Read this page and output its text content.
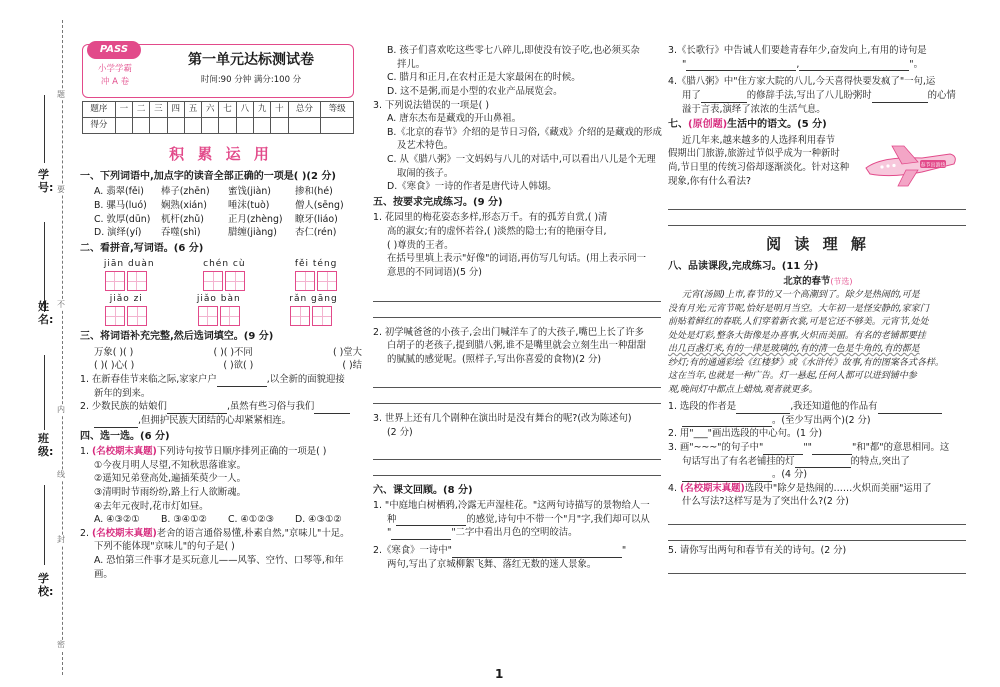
题
要
不
内
线
封
密
学号:
姓名:
班级:
学校:
PASS
小学学霸
冲 A 卷
第一单元达标测试卷
时间:90 分钟 满分:100 分
题序	一	二	三	四	五	六	七	八	九	十	总分	等级
得分												
积 累 运 用

一、下列词语中,加点字的读音全部正确的一项是( )(2 分)

A. 翡翠(fěi)	棒子(zhēn)	蜜饯(jiàn)	掺和(hé)
B. 骡马(luó)	娴熟(xián)	唾沫(tuò)	僧人(sēng)
C. 敦厚(dūn)	杌杆(zhǔ)	正月(zhèng)	瞭牙(liáo)
D. 演绎(yí)	吞噬(shì)	腊缠(jiàng)	杏仁(rén)

二、看拼音,写词语。(6 分)

jiān duàn	chén cù	fěi téng
jiǎo zi	jiǎo bàn	rǎn gāng

三、将词语补充完整,然后选词填空。(9 分)

万象( )( )	( )( )不同	( )堂大
( )( )心( )	( )欲( )	( )结

1. 在新春佳节来临之际,家家户户	,以全新的面貌迎接

新年的到来。

2. 少数民族的姑娘们	,虽然有些习俗与我们

,但拥护民族大团结的心却紧紧相连。

四、选一选。(6 分)

1. (名校期末真题)下列诗句按节日顺序排列正确的一项是( )

①今夜月明人尽望,不知秋思落谁家。

②遥知兄弟登高处,遍插茱萸少一人。

③清明时节雨纷纷,路上行人欲断魂。

④去年元夜时,花市灯如昼。

A. ④③②①	B. ③④①②	C. ④①②③	D. ④③①②

2. (名校期末真题)老舍的语言通俗易懂,朴素自然,"京味儿"十足。

下列不能体现"京味儿"的句子是( )

A. 恐怕第三件事才是买玩意儿——风筝、空竹、口琴等,和年画。

B. 孩子们喜欢吃这些零七八碎儿,即使没有饺子吃,也必须买杂

拌儿。

C. 腊月和正月,在农村正是大家最闲在的时候。

D. 这不是粥,而是小型的农业产品展览会。

3. 下列说法错误的一项是( )

A. 唐东杰布是藏戏的开山鼻祖。

B.《北京的春节》介绍的是节日习俗,《藏戏》介绍的是藏戏的形成

及艺术特色。

C. 从《腊八粥》一文妈妈与八儿的对话中,可以看出八儿是个无理

取闹的孩子。

D.《寒食》一诗的作者是唐代诗人韩翃。

五、按要求完成练习。(9 分)

1. 花园里的梅花姿态多样,形态万千。有的孤芳自赏,( )清

高的淑女;有的虚怀若谷,( )淡然的隐士;有的艳丽夺目,

( )尊贵的王者。

在括号里填上表示"好像"的词语,再仿写几句话。(用上表示同一

意思的不同词语)(5 分)

2. 初学喊爸爸的小孩子,会出门喊洋车了的大孩子,嘴巴上长了许多

白胡子的老孩子,提到腊八粥,谁不是嘴里就会立刻生出一种甜甜

的腻腻的感觉呢。(照样子,写出你喜爱的食物)(2 分)

3. 世界上还有几个剧种在演出时是没有舞台的呢?(改为陈述句)

(2 分)

六、课文回顾。(8 分)

1. "中庭地白树栖鸦,冷露无声湿桂花。"这两句诗描写的景物给人一

种	的感觉,诗句中不带一个"月"字,我们却可以从

"	"二字中看出月色的空明皎洁。

2.《寒食》一诗中"	"

两句,写出了京城柳絮飞舞、落红无数的迷人景象。

3.《长歌行》中告诫人们要趁青春年少,奋发向上,有用的诗句是

"	,	"。

4.《腊八粥》中"住方家大院的八儿,今天喜得快要发疯了"一句,运

用了	的修辞手法,写出了八儿盼粥时	的心情

溢于言表,演绎了浓浓的生活气息。

七、(原创题)生活中的语文。(5 分)

近几年来,越来越多的人选择利用春节

假期出门旅游,旅游过节似乎成为一种新时

尚,节日里的传统习俗却逐渐淡化。针对这种

现象,你有什么看法?

阅 读 理 解

八、品读课段,完成练习。(11 分)

北京的春节(节选)

元宵(汤圆)上市,春节的又一个高潮到了。除夕是热闹的,可是

没有月光;元宵节呢,恰好是明月当空。大年初一是怪安静的,家家门

前贴着鲜红的春联,人们穿着新衣裳,可是它还不够美。元宵节,处处

处处是灯彩,整条大街像是办喜事,火炽而美丽。有名的老铺都要挂

出几百盏灯来,有的一律是玻璃的,有的清一色是牛角的,有的都是

纱灯;有的通通彩绘《红楼梦》或《水浒传》故事,有的图案各式各样。

这在当年,也就是一种广告。灯一悬起,任何人都可以进到铺中参

观,晚间灯中都点上蜡烛,观者就更多。

1. 选段的作者是	,我还知道他的作品有

。(至少写出两个)(2 分)

2. 用"___"画出选段的中心句。(1 分)

3. 画"~~~"的句子中"	""	"和"都"的意思相同。这

句话写出了有名老铺挂的灯	的特点,突出了

。(4 分)

4. (名校期末真题)选段中"除夕是热闹的……火炽而美丽"运用了

什么写法?这样写是为了突出什么?(2 分)

5. 请你写出两句和春节有关的诗句。(2 分)

春节出游热
1
